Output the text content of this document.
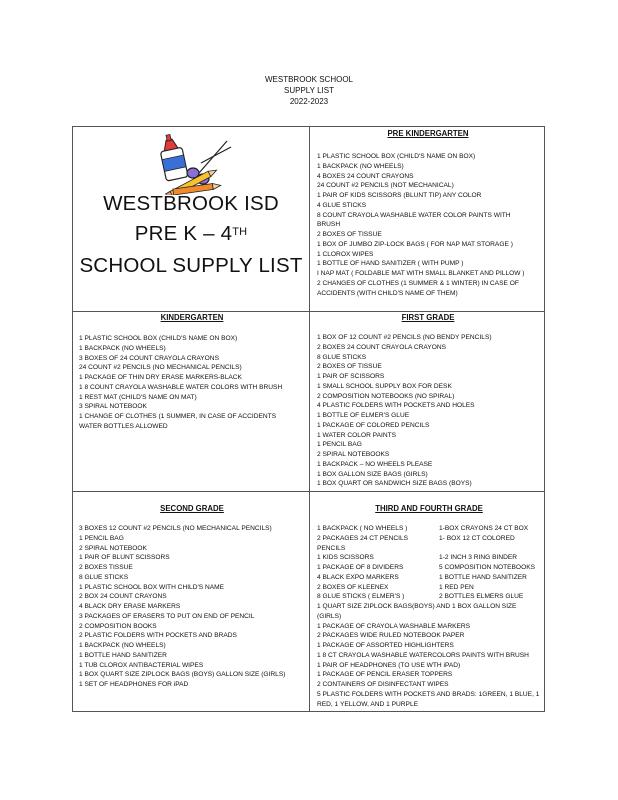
WESTBROOK SCHOOL
SUPPLY LIST
2022-2023
WESTBROOK ISD
PRE K – 4TH
SCHOOL SUPPLY LIST
PRE KINDERGARTEN
1 PLASTIC SCHOOL BOX (CHILD'S NAME ON BOX)
1 BACKPACK (NO WHEELS)
4 BOXES 24 COUNT CRAYONS
24 COUNT #2 PENCILS (NOT MECHANICAL)
1 PAIR OF KIDS SCISSORS (BLUNT TIP) ANY COLOR
4 GLUE STICKS
8 COUNT CRAYOLA WASHABLE WATER COLOR PAINTS WITH
BRUSH
2 BOXES OF TISSUE
1 BOX OF JUMBO ZIP-LOCK BAGS ( FOR NAP MAT STORAGE )
1 CLOROX WIPES
1 BOTTLE OF HAND SANITIZER ( WITH PUMP )
I NAP MAT ( FOLDABLE MAT WITH SMALL BLANKET AND PILLOW )
2 CHANGES OF CLOTHES (1 SUMMER & 1 WINTER) IN CASE OF
ACCIDENTS (WITH CHILD'S NAME OF THEM)
KINDERGARTEN
1 PLASTIC SCHOOL BOX (CHILD'S NAME ON BOX)
1 BACKPACK (NO WHEELS)
3 BOXES OF 24 COUNT CRAYOLA CRAYONS
24 COUNT #2 PENCILS (NO MECHANICAL PENCILS)
1 PACKAGE OF THIN DRY ERASE MARKERS-BLACK
1 8 COUNT CRAYOLA WASHABLE WATER COLORS WITH BRUSH
1 REST MAT (CHILD'S NAME ON MAT)
3 SPIRAL NOTEBOOK
1 CHANGE OF CLOTHES (1 SUMMER, IN CASE OF ACCIDENTS
WATER BOTTLES ALLOWED
FIRST GRADE
1 BOX OF 12 COUNT #2 PENCILS (NO BENDY PENCILS)
2 BOXES 24 COUNT CRAYOLA CRAYONS
8 GLUE STICKS
2 BOXES OF TISSUE
1 PAIR OF SCISSORS
1 SMALL SCHOOL SUPPLY BOX FOR DESK
2 COMPOSITION NOTEBOOKS (NO SPIRAL)
4 PLASTIC FOLDERS WITH POCKETS AND HOLES
1 BOTTLE OF ELMER'S GLUE
1 PACKAGE OF COLORED PENCILS
1 WATER COLOR PAINTS
1 PENCIL BAG
2 SPIRAL NOTEBOOKS
1 BACKPACK – NO WHEELS PLEASE
1 BOX GALLON SIZE BAGS (GIRLS)
1 BOX QUART OR SANDWICH SIZE BAGS (BOYS)
SECOND GRADE
3 BOXES 12 COUNT #2 PENCILS (NO MECHANICAL PENCILS)
1 PENCIL BAG
2 SPIRAL NOTEBOOK
1 PAIR OF BLUNT SCISSORS
2 BOXES TISSUE
8 GLUE STICKS
1 PLASTIC SCHOOL BOX WITH CHILD'S NAME
2 BOX 24 COUNT CRAYONS
4 BLACK DRY ERASE MARKERS
3 PACKAGES OF ERASERS TO PUT ON END OF PENCIL
2 COMPOSITION BOOKS
2 PLASTIC FOLDERS WITH POCKETS AND BRADS
1 BACKPACK (NO WHEELS)
1 BOTTLE HAND SANITIZER
1 TUB CLOROX ANTIBACTERIAL WIPES
1 BOX QUART SIZE ZIPLOCK BAGS (BOYS) GALLON SIZE (GIRLS)
1 SET OF HEADPHONES FOR iPAD
THIRD AND FOURTH GRADE
1 BACKPACK ( NO WHEELS )	1-BOX CRAYONS 24 CT BOX
2 PACKAGES 24 CT PENCILS	1- BOX 12 CT COLORED
PENCILS
1 KIDS SCISSORS	1-2 INCH 3 RING BINDER
1 PACKAGE OF 8 DIVIDERS	5 COMPOSITION NOTEBOOKS
4 BLACK EXPO MARKERS	1 BOTTLE HAND SANITIZER
2 BOXES OF KLEENEX	1 RED PEN
8 GLUE STICKS ( ELMER'S )	2 BOTTLES ELMERS GLUE
1 QUART SIZE ZIPLOCK BAGS(BOYS) AND 1 BOX GALLON SIZE
(GIRLS)
1 PACKAGE OF CRAYOLA WASHABLE MARKERS
2 PACKAGES WIDE RULED NOTEBOOK PAPER
1 PACKAGE OF ASSORTED HIGHLIGHTERS
1 8 CT CRAYOLA WASHABLE WATERCOLORS PAINTS WITH BRUSH
1 PAIR OF HEADPHONES (TO USE WTH iPAD)
1 PACKAGE OF PENCIL ERASER TOPPERS
2 CONTAINERS OF DISINFECTANT WIPES
5 PLASTIC FOLDERS WITH POCKETS AND BRADS: 1GREEN, 1 BLUE, 1
RED, 1 YELLOW, AND 1 PURPLE
